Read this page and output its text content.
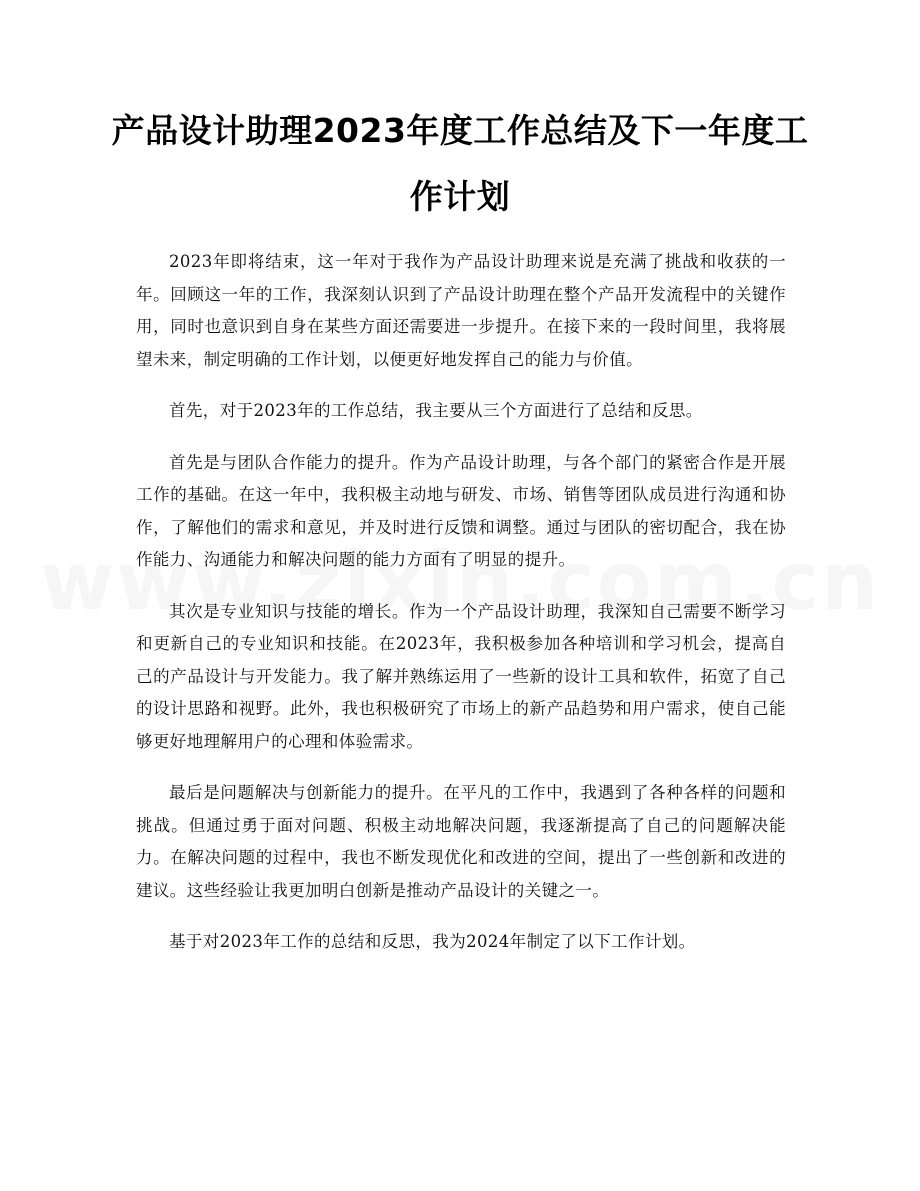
产品设计助理2023年度工作总结及下一年度工作计划

2023年即将结束，这一年对于我作为产品设计助理来说是充满了挑战和收获的一年。回顾这一年的工作，我深刻认识到了产品设计助理在整个产品开发流程中的关键作用，同时也意识到自身在某些方面还需要进一步提升。在接下来的一段时间里，我将展望未来，制定明确的工作计划，以便更好地发挥自己的能力与价值。

首先，对于2023年的工作总结，我主要从三个方面进行了总结和反思。

首先是与团队合作能力的提升。作为产品设计助理，与各个部门的紧密合作是开展工作的基础。在这一年中，我积极主动地与研发、市场、销售等团队成员进行沟通和协作，了解他们的需求和意见，并及时进行反馈和调整。通过与团队的密切配合，我在协作能力、沟通能力和解决问题的能力方面有了明显的提升。

其次是专业知识与技能的增长。作为一个产品设计助理，我深知自己需要不断学习和更新自己的专业知识和技能。在2023年，我积极参加各种培训和学习机会，提高自己的产品设计与开发能力。我了解并熟练运用了一些新的设计工具和软件，拓宽了自己的设计思路和视野。此外，我也积极研究了市场上的新产品趋势和用户需求，使自己能够更好地理解用户的心理和体验需求。

最后是问题解决与创新能力的提升。在平凡的工作中，我遇到了各种各样的问题和挑战。但通过勇于面对问题、积极主动地解决问题，我逐渐提高了自己的问题解决能力。在解决问题的过程中，我也不断发现优化和改进的空间，提出了一些创新和改进的建议。这些经验让我更加明白创新是推动产品设计的关键之一。

基于对2023年工作的总结和反思，我为2024年制定了以下工作计划。
